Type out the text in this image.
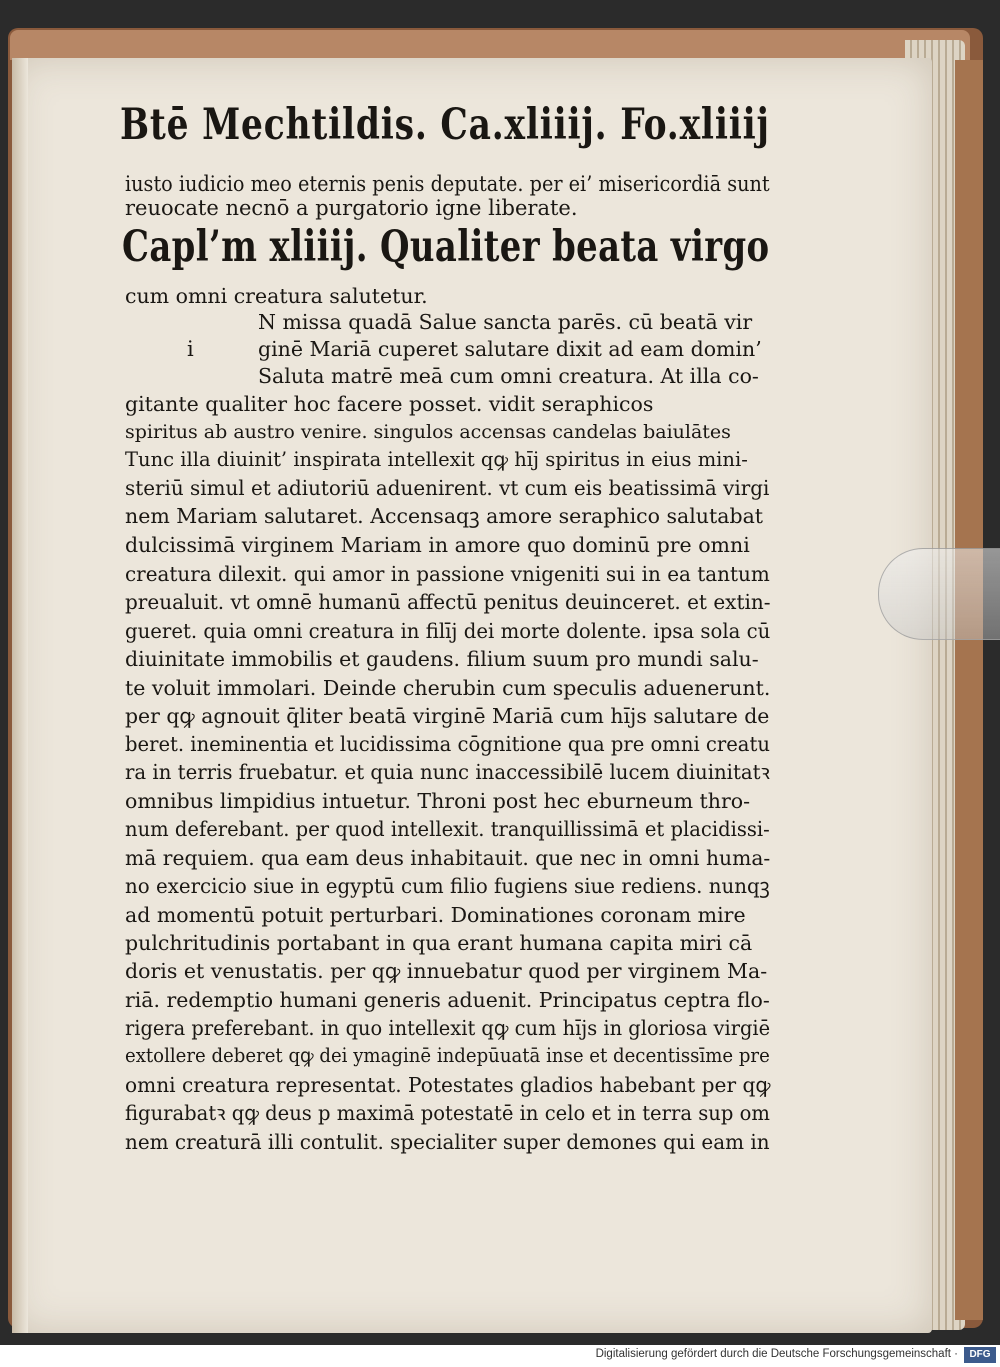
Btē Mechtildis. Ca.xliiij. Fo.xliiij
iusto iudicio meo eternis penis deputate. per ei’ misericordiā sunt
reuocate necnō a purgatorio igne liberate.
Capl’m xliiij. Qualiter beata virgo
cum omni creatura salutetur.
N missa quadā Salue sancta parēs. cū beatā vir
i	ginē Mariā cuperet salutare dixit ad eam domin’
Saluta matrē meā cum omni creatura. At illa co-
gitante qualiter hoc facere posset. vidit seraphicos
spiritus ab austro venire. singulos accensas candelas baiulātes
Tunc illa diuinit’ inspirata intellexit qꝙ hı̄j spiritus in eius mini-
steriū simul et adiutoriū aduenirent. vt cum eis beatissimā virgi
nem Mariam salutaret. Accensaqꝫ amore seraphico salutabat
dulcissimā virginem Mariam in amore quo dominū pre omni
creatura dilexit. qui amor in passione vnigeniti sui in ea tantum
preualuit. vt omnē humanū affectū penitus deuinceret. et extin-
gueret. quia omni creatura in filīj dei morte dolente. ipsa sola cū
diuinitate immobilis et gaudens. filium suum pro mundi salu-
te voluit immolari. Deinde cherubin cum speculis aduenerunt.
per qꝙ agnouit q̄liter beatā virginē Mariā cum hı̄js salutare de
beret. ineminentia et lucidissima cōgnitione qua pre omni creatu
ra in terris fruebatur. et quia nunc inaccessibilē lucem diuinitatꝛ
omnibus limpidius intuetur. Throni post hec eburneum thro-
num deferebant. per quod intellexit. tranquillissimā et placidissi-
mā requiem. qua eam deus inhabitauit. que nec in omni huma-
no exercicio siue in egyptū cum filio fugiens siue rediens. nunqꝫ
ad momentū potuit perturbari. Dominationes coronam mire
pulchritudinis portabant in qua erant humana capita miri cā
doris et venustatis. per qꝙ innuebatur quod per virginem Ma-
riā. redemptio humani generis aduenit. Principatus ceptra flo-
rigera preferebant. in quo intellexit qꝙ cum hı̄js in gloriosa virgiē
extollere deberet qꝙ dei ymaginē indepūuatā inse et decentissīme pre
omni creatura representat. Potestates gladios habebant per qꝙ
figurabatꝛ qꝙ deus p maximā potestatē in celo et in terra sup om
nem creaturā illi contulit. specialiter super demones qui eam in
Digitalisierung gefördert durch die Deutsche Forschungsgemeinschaft ·	DFG
